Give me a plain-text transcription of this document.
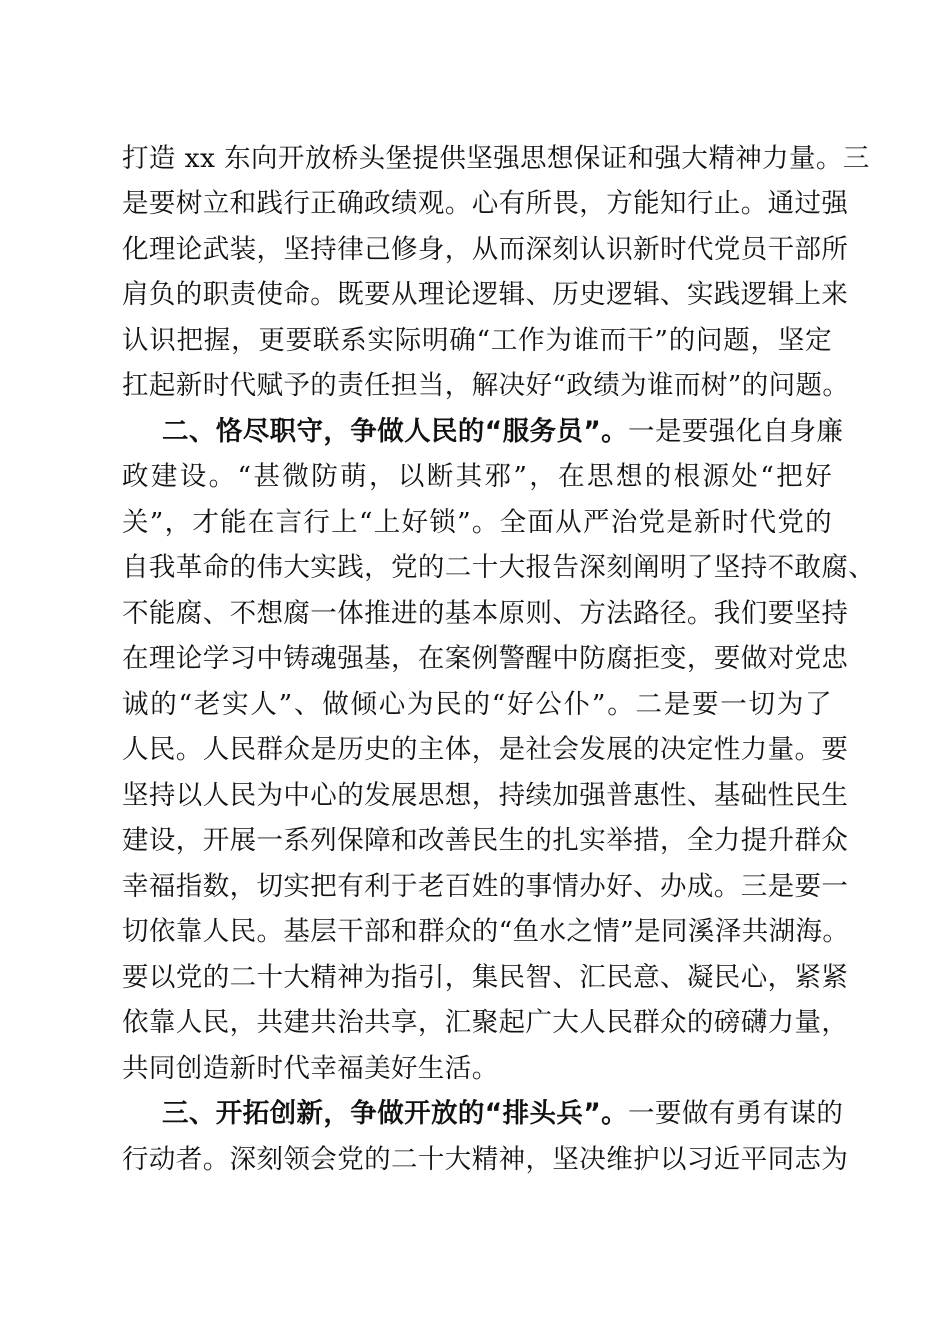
打造 xx 东向开放桥头堡提供坚强思想保证和强大精神力量。三
是要树立和践行正确政绩观。心有所畏，方能知行止。通过强
化理论武装，坚持律己修身，从而深刻认识新时代党员干部所
肩负的职责使命。既要从理论逻辑、历史逻辑、实践逻辑上来
认识把握，更要联系实际明确“工作为谁而干”的问题，坚定
扛起新时代赋予的责任担当，解决好“政绩为谁而树”的问题。
二、恪尽职守，争做人民的“服务员”。一是要强化自身廉
政建设。“甚微防萌，以断其邪”，在思想的根源处“把好
关”，才能在言行上“上好锁”。全面从严治党是新时代党的
自我革命的伟大实践，党的二十大报告深刻阐明了坚持不敢腐、
不能腐、不想腐一体推进的基本原则、方法路径。我们要坚持
在理论学习中铸魂强基，在案例警醒中防腐拒变，要做对党忠
诚的“老实人”、做倾心为民的“好公仆”。二是要一切为了
人民。人民群众是历史的主体，是社会发展的决定性力量。要
坚持以人民为中心的发展思想，持续加强普惠性、基础性民生
建设，开展一系列保障和改善民生的扎实举措，全力提升群众
幸福指数，切实把有利于老百姓的事情办好、办成。三是要一
切依靠人民。基层干部和群众的“鱼水之情”是同溪泽共湖海。
要以党的二十大精神为指引，集民智、汇民意、凝民心，紧紧
依靠人民，共建共治共享，汇聚起广大人民群众的磅礴力量，
共同创造新时代幸福美好生活。
三、开拓创新，争做开放的“排头兵”。一要做有勇有谋的
行动者。深刻领会党的二十大精神，坚决维护以习近平同志为
